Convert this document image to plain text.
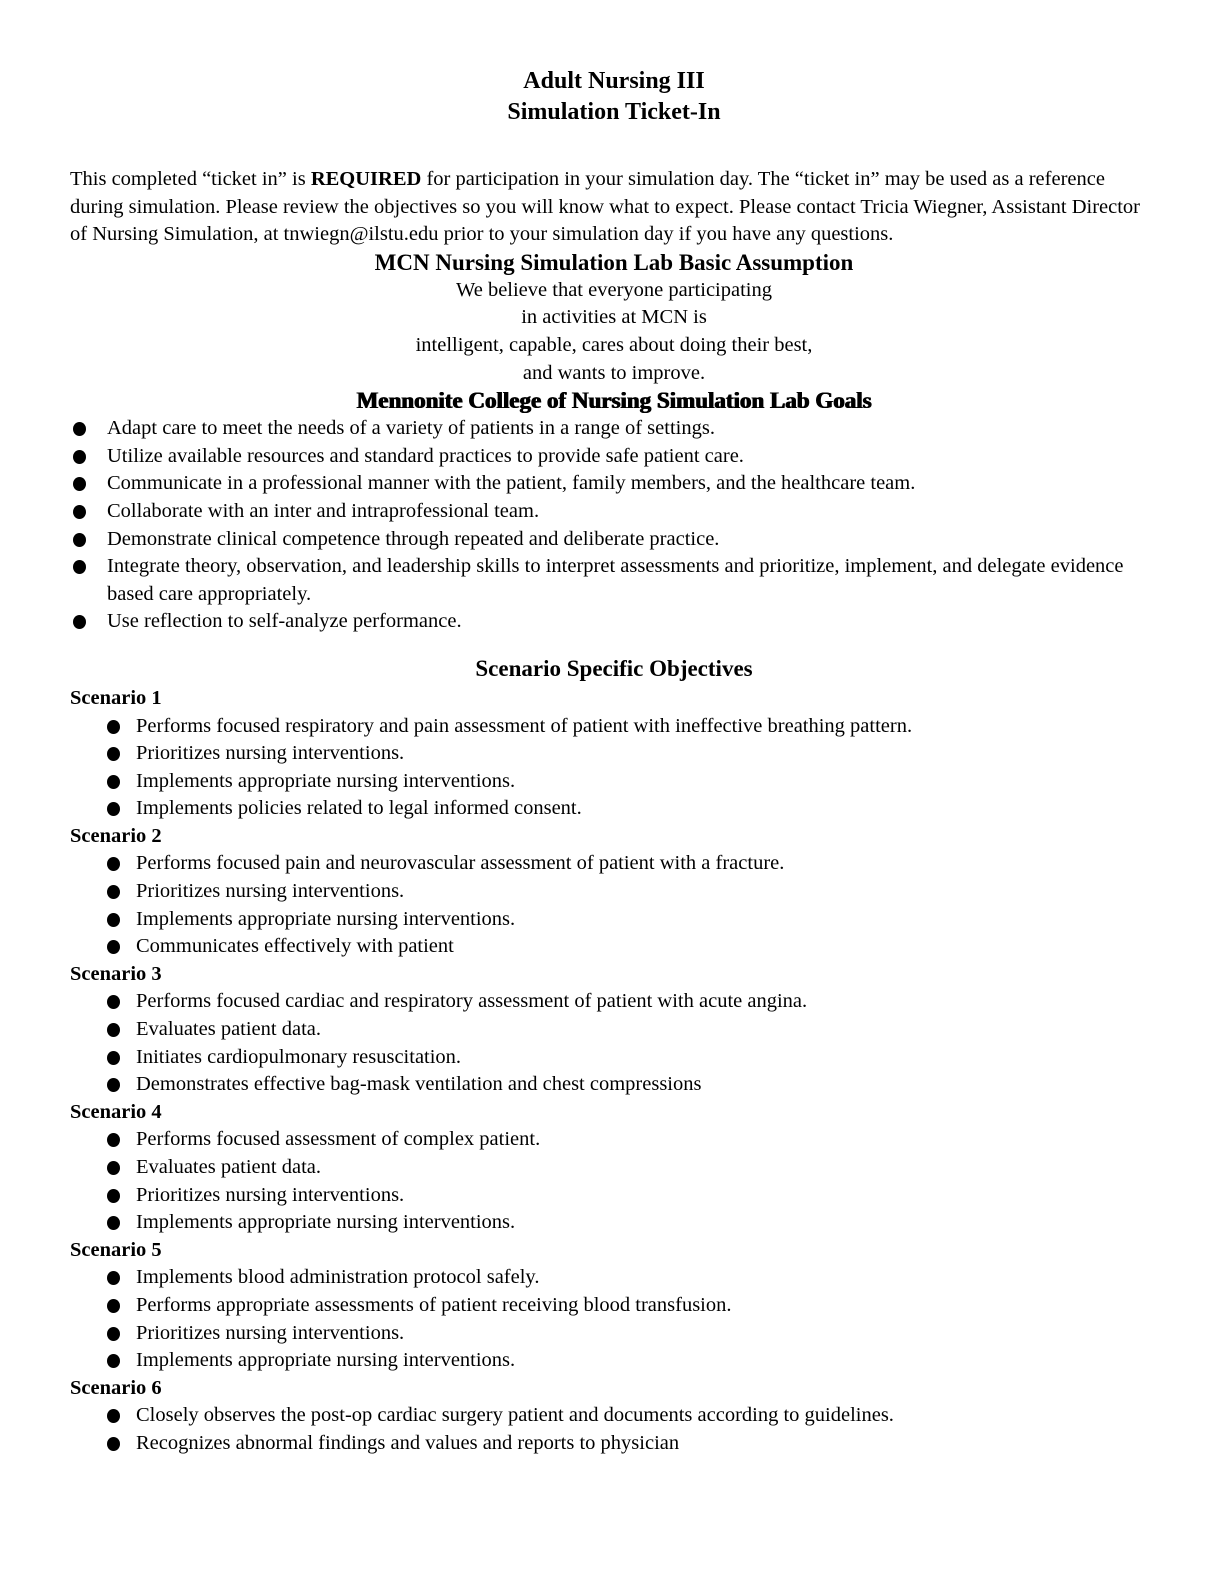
Adult Nursing III
Simulation Ticket-In

This completed “ticket in” is REQUIRED for participation in your simulation day. The “ticket in” may be used as a reference during simulation. Please review the objectives so you will know what to expect. Please contact Tricia Wiegner, Assistant Director of Nursing Simulation, at tnwiegn@ilstu.edu prior to your simulation day if you have any questions.

MCN Nursing Simulation Lab Basic Assumption
We believe that everyone participating
in activities at MCN is
intelligent, capable, cares about doing their best,
and wants to improve.
Mennonite College of Nursing Simulation Lab Goals
Adapt care to meet the needs of a variety of patients in a range of settings.
Utilize available resources and standard practices to provide safe patient care.
Communicate in a professional manner with the patient, family members, and the healthcare team.
Collaborate with an inter and intraprofessional team.
Demonstrate clinical competence through repeated and deliberate practice.
Integrate theory, observation, and leadership skills to interpret assessments and prioritize, implement, and delegate evidence based care appropriately.
Use reflection to self-analyze performance.
Scenario Specific Objectives
Scenario 1
Performs focused respiratory and pain assessment of patient with ineffective breathing pattern.
Prioritizes nursing interventions.
Implements appropriate nursing interventions.
Implements policies related to legal informed consent.
Scenario 2
Performs focused pain and neurovascular assessment of patient with a fracture.
Prioritizes nursing interventions.
Implements appropriate nursing interventions.
Communicates effectively with patient
Scenario 3
Performs focused cardiac and respiratory assessment of patient with acute angina.
Evaluates patient data.
Initiates cardiopulmonary resuscitation.
Demonstrates effective bag-mask ventilation and chest compressions
Scenario 4
Performs focused assessment of complex patient.
Evaluates patient data.
Prioritizes nursing interventions.
Implements appropriate nursing interventions.
Scenario 5
Implements blood administration protocol safely.
Performs appropriate assessments of patient receiving blood transfusion.
Prioritizes nursing interventions.
Implements appropriate nursing interventions.
Scenario 6
Closely observes the post-op cardiac surgery patient and documents according to guidelines.
Recognizes abnormal findings and values and reports to physician
